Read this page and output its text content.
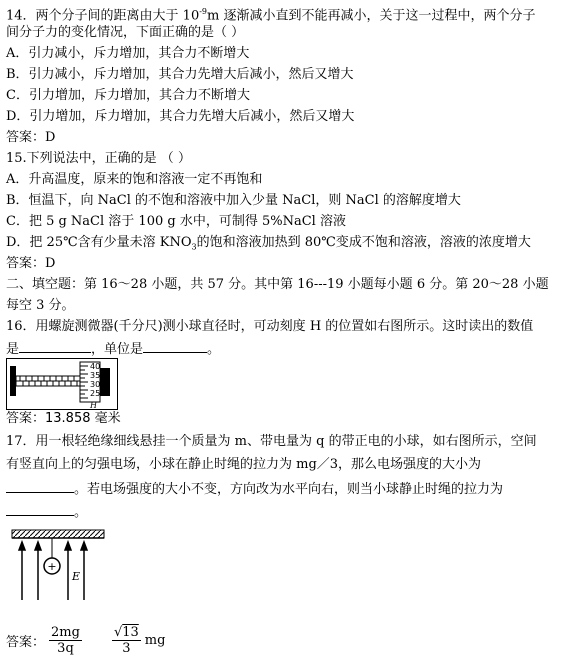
14．两个分子间的距离由大于 $10^{-9}m$ 逐渐减小直到不能再减小，关于这一过程中，两个分子
间分子力的变化情况，下面正确的是（ ）
A．引力减小，斥力增加，其合力不断增大
B．引力减小，斥力增加，其合力先增大后减小，然后又增大
C．引力增加，斥力增加，其合力不断增大
D．引力增加，斥力增加，其合力先增大后减小，然后又增大
答案：D
15.下列说法中，正确的是 （ ）
A．升高温度，原来的饱和溶液一定不再饱和
B．恒温下，向 NaCl 的不饱和溶液中加入少量 NaCl，则 NaCl 的溶解度增大
C．把 5 g NaCl 溶于 100 g 水中，可制得 5%NaCl 溶液
D．把 25℃含有少量未溶 $KNO_3$的饱和溶液加热到 80℃变成不饱和溶液，溶液的浓度增大
答案：D
二、填空题：第 16～28 小题，共 57 分。其中第 16---19 小题每小题 6 分。第 20～28 小题
每空 3 分。
16．用螺旋测微器(千分尺)测小球直径时，可动刻度 H 的位置如右图所示。这时读出的数值
是	，单位是	。
40
35
30
25
H
答案：13.858 毫米
17．用一根轻绝缘细线悬挂一个质量为 m、带电量为 q 的带正电的小球，如右图所示，空间
有竖直向上的匀强电场，小球在静止时绳的拉力为 mg／3，那么电场强度的大小为
。若电场强度的大小不变，方向改为水平向右，则当小球静止时绳的拉力为
。
+
E
答案： $\frac{2mg}{3q} \frac{√13}{3}$ mg
